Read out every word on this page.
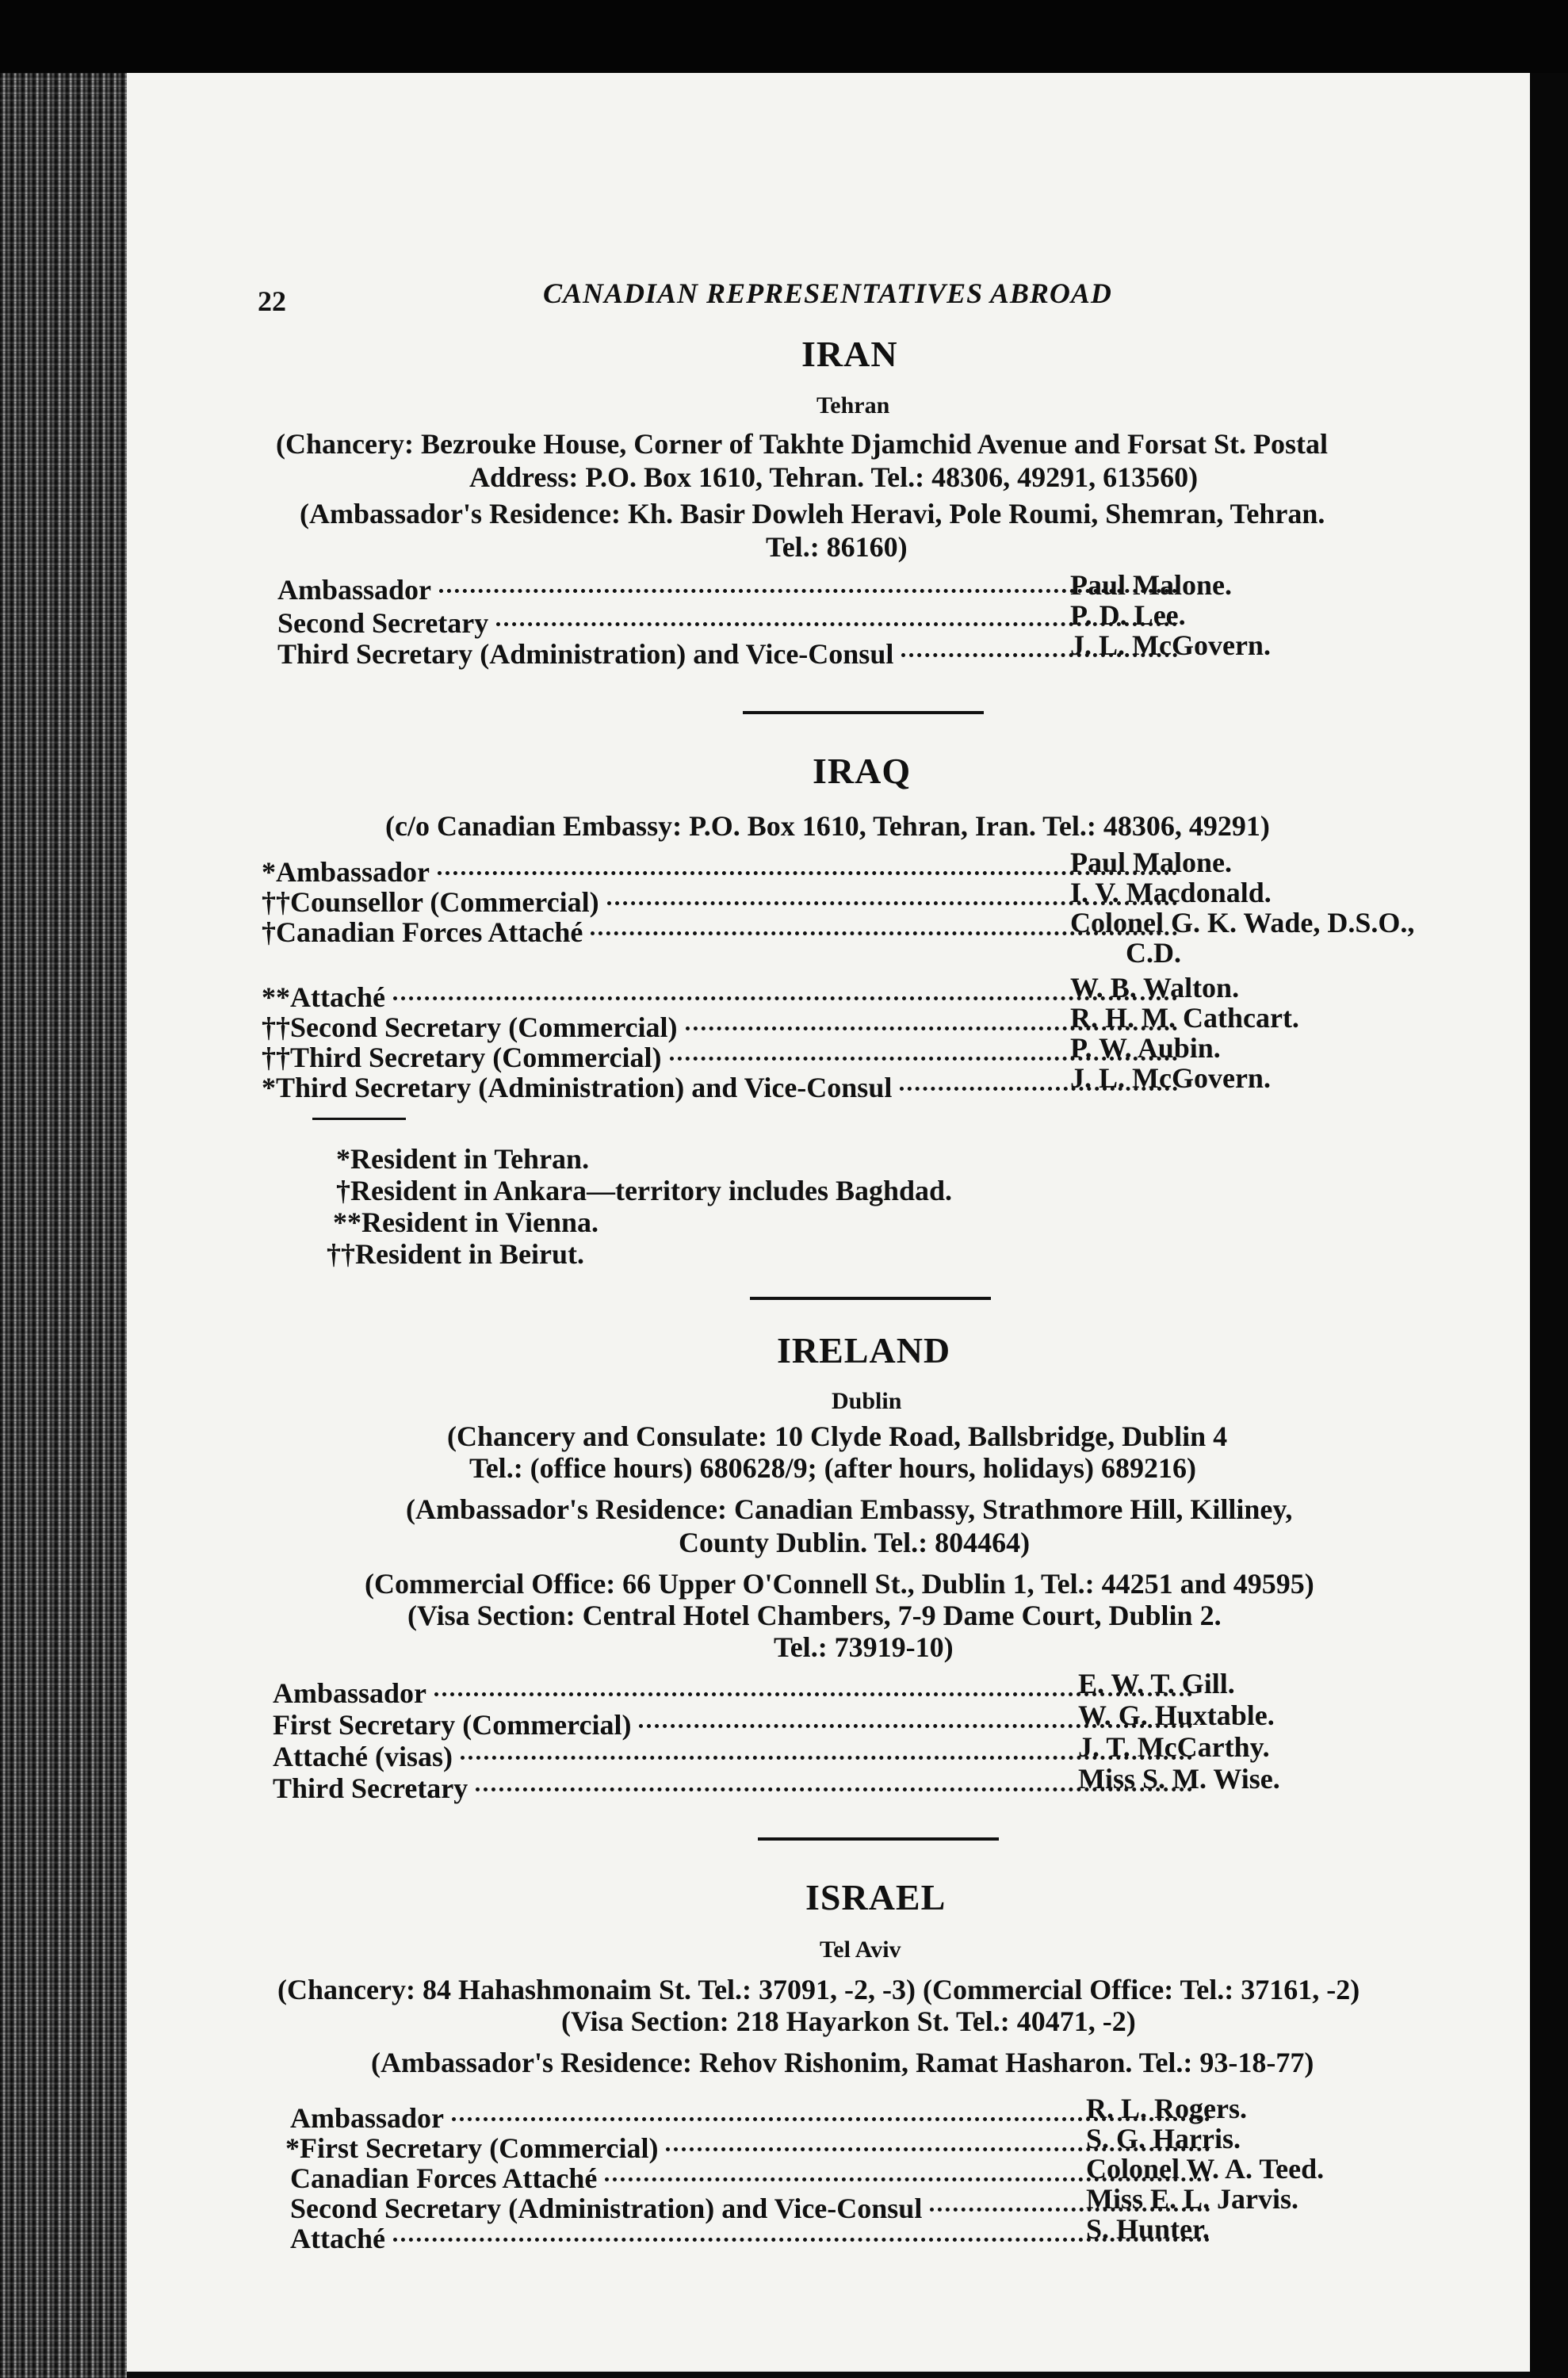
22	CANADIAN REPRESENTATIVES ABROAD
IRAN
Tehran
(Chancery: Bezrouke House, Corner of Takhte Djamchid Avenue and Forsat St. Postal
Address: P.O. Box 1610, Tehran. Tel.: 48306, 49291, 613560)
(Ambassador's Residence: Kh. Basir Dowleh Heravi, Pole Roumi, Shemran, Tehran.
Tel.: 86160)
Ambassador	Paul Malone.
Second Secretary	P. D. Lee.
Third Secretary (Administration) and Vice-Consul	J. L. McGovern.
IRAQ
(c/o Canadian Embassy: P.O. Box 1610, Tehran, Iran. Tel.: 48306, 49291)
*Ambassador	Paul Malone.
††Counsellor (Commercial)	I. V. Macdonald.
†Canadian Forces Attaché	Colonel G. K. Wade, D.S.O.,
C.D.
**Attaché	W. B. Walton.
††Second Secretary (Commercial)	R. H. M. Cathcart.
††Third Secretary (Commercial)	P. W. Aubin.
*Third Secretary (Administration) and Vice-Consul	J. L. McGovern.
*Resident in Tehran.
†Resident in Ankara—territory includes Baghdad.
**Resident in Vienna.
††Resident in Beirut.
IRELAND
Dublin
(Chancery and Consulate: 10 Clyde Road, Ballsbridge, Dublin 4
Tel.: (office hours) 680628/9; (after hours, holidays) 689216)
(Ambassador's Residence: Canadian Embassy, Strathmore Hill, Killiney,
County Dublin. Tel.: 804464)
(Commercial Office: 66 Upper O'Connell St., Dublin 1, Tel.: 44251 and 49595)
(Visa Section: Central Hotel Chambers, 7-9 Dame Court, Dublin 2.
Tel.: 73919-10)
Ambassador	E. W. T. Gill.
First Secretary (Commercial)	W. G. Huxtable.
Attaché (visas)	J. T. McCarthy.
Third Secretary	Miss S. M. Wise.
ISRAEL
Tel Aviv
(Chancery: 84 Hahashmonaim St. Tel.: 37091, -2, -3) (Commercial Office: Tel.: 37161, -2)
(Visa Section: 218 Hayarkon St. Tel.: 40471, -2)
(Ambassador's Residence: Rehov Rishonim, Ramat Hasharon. Tel.: 93-18-77)
Ambassador	R. L. Rogers.
*First Secretary (Commercial)	S. G. Harris.
Canadian Forces Attaché	Colonel W. A. Teed.
Second Secretary (Administration) and Vice-Consul	Miss E. L. Jarvis.
Attaché	S. Hunter.
